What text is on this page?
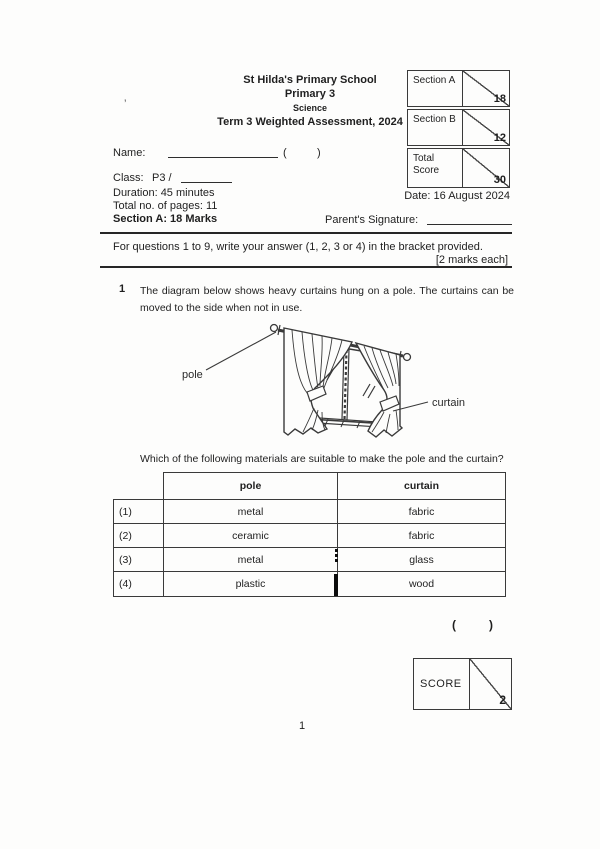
’
St Hilda's Primary School
Primary 3
Science
Term 3 Weighted Assessment, 2024
Section A
18
Section B
12
Total Score
30
Name:	(	)
Class: P3 /
Duration: 45 minutes
Total no. of pages: 11
Section A: 18 Marks
Date: 16 August 2024
Parent's Signature:
For questions 1 to 9, write your answer (1, 2, 3 or 4) in the bracket provided.
[2 marks each]
1 The diagram below shows heavy curtains hung on a pole. The curtains can be moved to the side when not in use.
pole
curtain
Which of the following materials are suitable to make the pole and the curtain?
	pole	curtain
(1)	metal	fabric
(2)	ceramic	fabric
(3)	metal	glass
(4)	plastic	wood
(	)
SCORE
2
1
